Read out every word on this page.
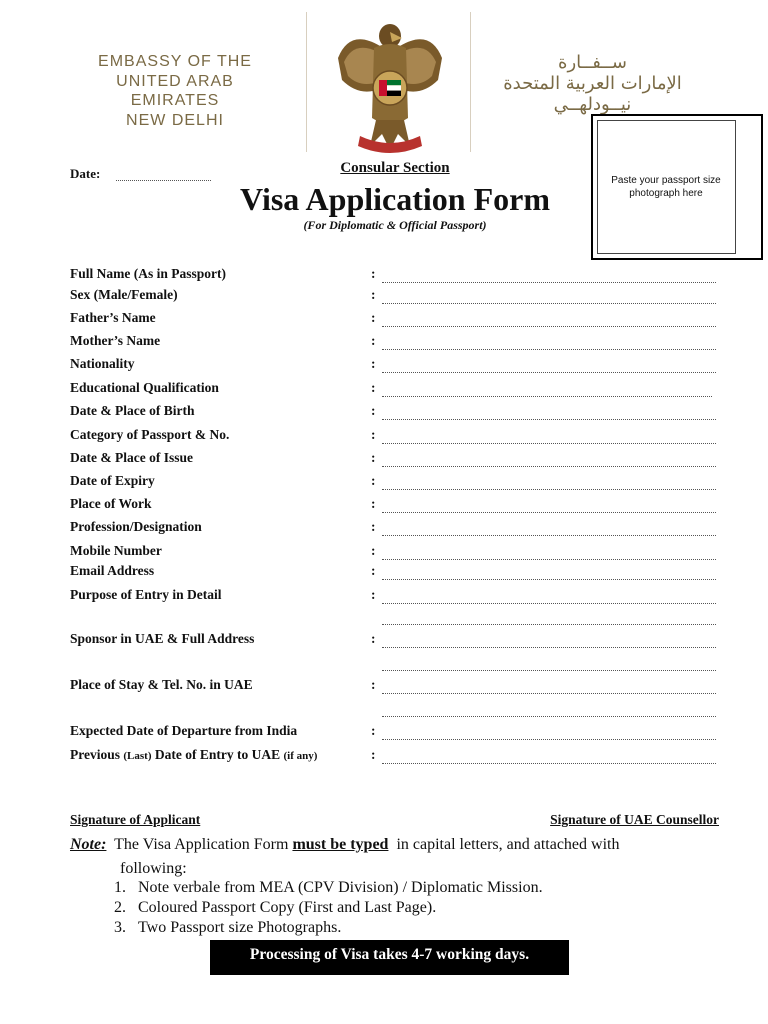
EMBASSY OF THE
UNITED ARAB EMIRATES
NEW DELHI
ســفــارة
الإمارات العربية المتحدة
نيــودلهــي
Paste your passport size photograph here
Date:	Consular Section
Visa Application Form
(For Diplomatic & Official Passport)
Full Name (As in Passport)	:
Sex (Male/Female)	:
Father’s Name	:
Mother’s Name	:
Nationality	:
Educational Qualification	:
Date & Place of Birth	:
Category of Passport & No.	:
Date & Place of Issue	:
Date of Expiry	:
Place of Work	:
Profession/Designation	:
Mobile Number	:
Email Address	:
Purpose of Entry in Detail	:
Sponsor in UAE & Full Address	:
Place of Stay & Tel. No. in UAE	:
Expected Date of Departure from India	:
Previous (Last) Date of Entry to UAE (if any)	:
Signature of Applicant	Signature of UAE Counsellor
Note: The Visa Application Form must be typed in capital letters, and attached with
following:
1. Note verbale from MEA (CPV Division) / Diplomatic Mission.
2. Coloured Passport Copy (First and Last Page).
3. Two Passport size Photographs.
Processing of Visa takes 4-7 working days.
